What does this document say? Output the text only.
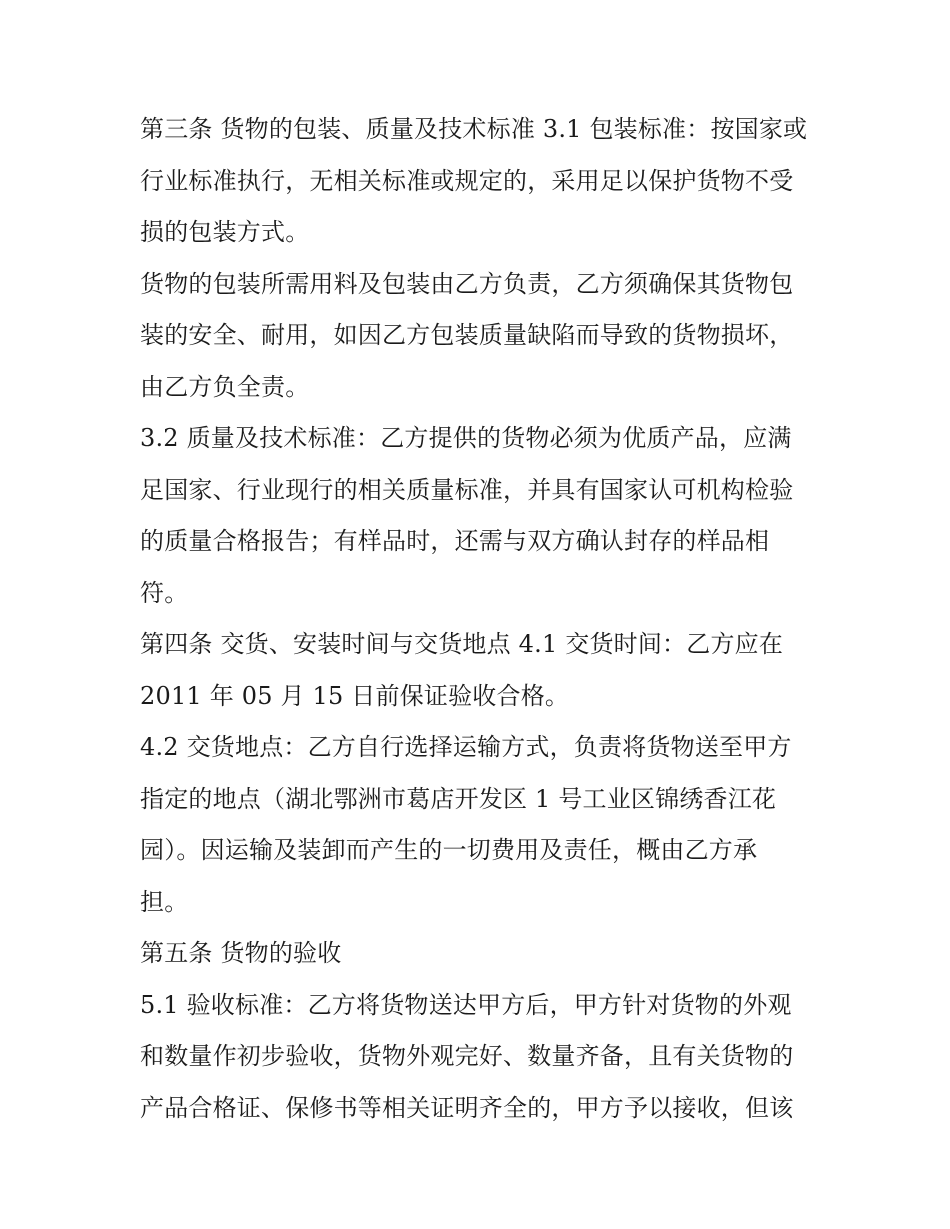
第三条 货物的包装、质量及技术标准 3.1 包装标准：按国家或
行业标准执行，无相关标准或规定的，采用足以保护货物不受
损的包装方式。
货物的包装所需用料及包装由乙方负责，乙方须确保其货物包
装的安全、耐用，如因乙方包装质量缺陷而导致的货物损坏，
由乙方负全责。
3.2 质量及技术标准：乙方提供的货物必须为优质产品，应满
足国家、行业现行的相关质量标准，并具有国家认可机构检验
的质量合格报告；有样品时，还需与双方确认封存的样品相
符。
第四条 交货、安装时间与交货地点 4.1 交货时间：乙方应在
2011 年 05 月 15 日前保证验收合格。
4.2 交货地点：乙方自行选择运输方式，负责将货物送至甲方
指定的地点（湖北鄂洲市葛店开发区 1 号工业区锦绣香江花
园）。因运输及装卸而产生的一切费用及责任，概由乙方承
担。
第五条 货物的验收
5.1 验收标准：乙方将货物送达甲方后，甲方针对货物的外观
和数量作初步验收，货物外观完好、数量齐备，且有关货物的
产品合格证、保修书等相关证明齐全的，甲方予以接收，但该
